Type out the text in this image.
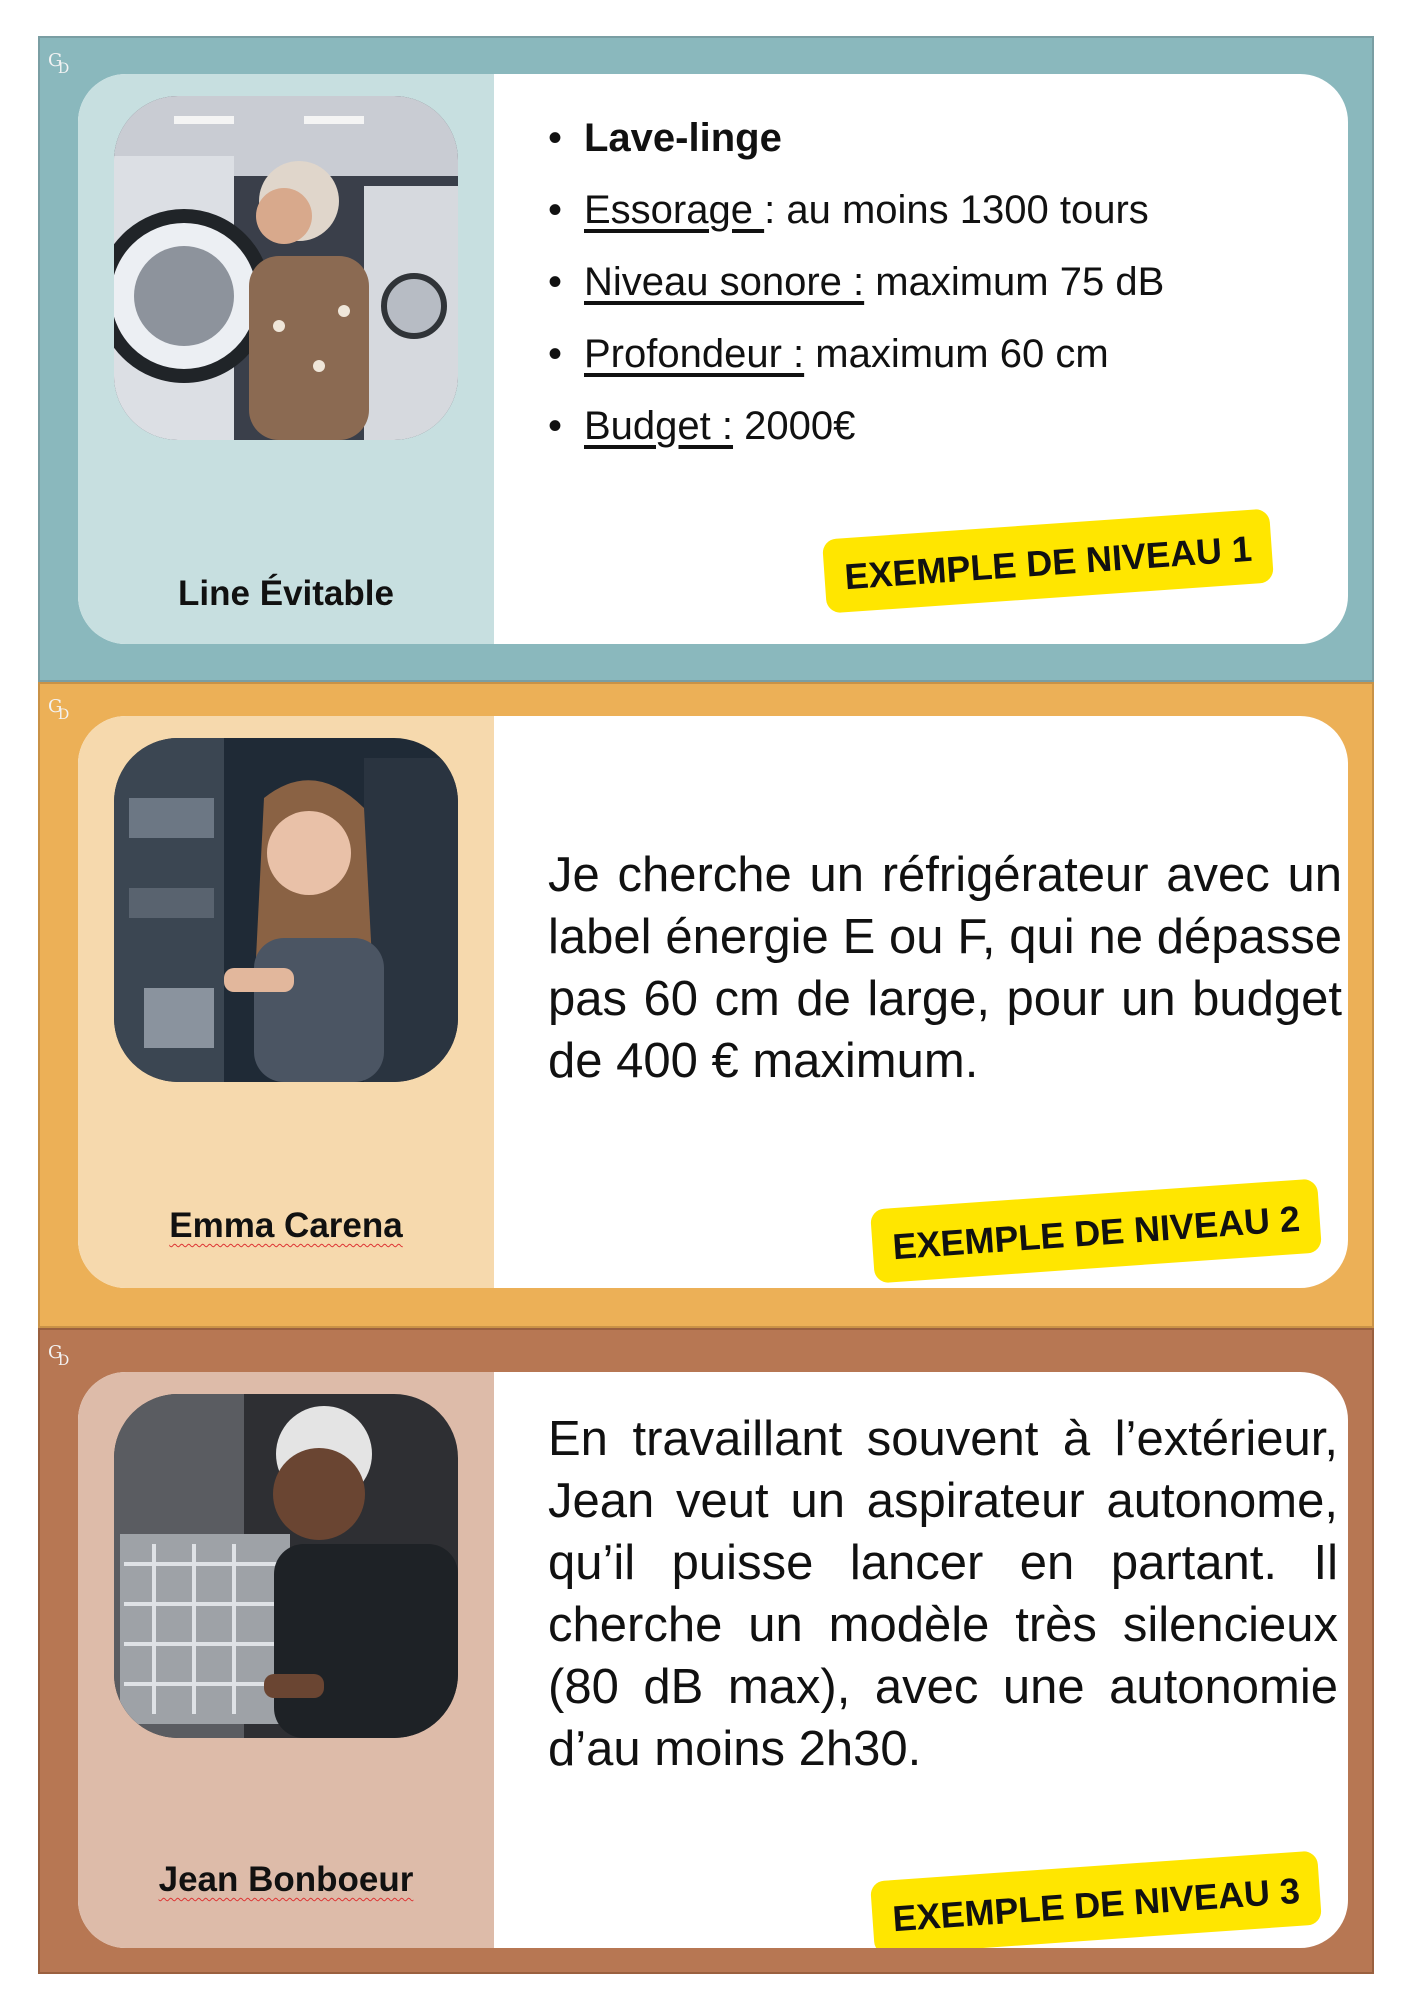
G
D
Line Évitable
• Lave-linge
• Essorage : au moins 1300 tours
• Niveau sonore : maximum 75 dB
• Profondeur : maximum 60 cm
• Budget : 2000€
EXEMPLE DE NIVEAU 1
G
D
Emma Carena
Je cherche un réfrigérateur avec un label énergie E ou F, qui ne dépasse pas 60 cm de large, pour un budget de 400 € maximum.
EXEMPLE DE NIVEAU 2
G
D
Jean Bonboeur
En travaillant souvent à l’extérieur, Jean veut un aspirateur autonome, qu’il puisse lancer en partant. Il cherche un modèle très silencieux (80 dB max), avec une autonomie d’au moins 2h30.
EXEMPLE DE NIVEAU 3
